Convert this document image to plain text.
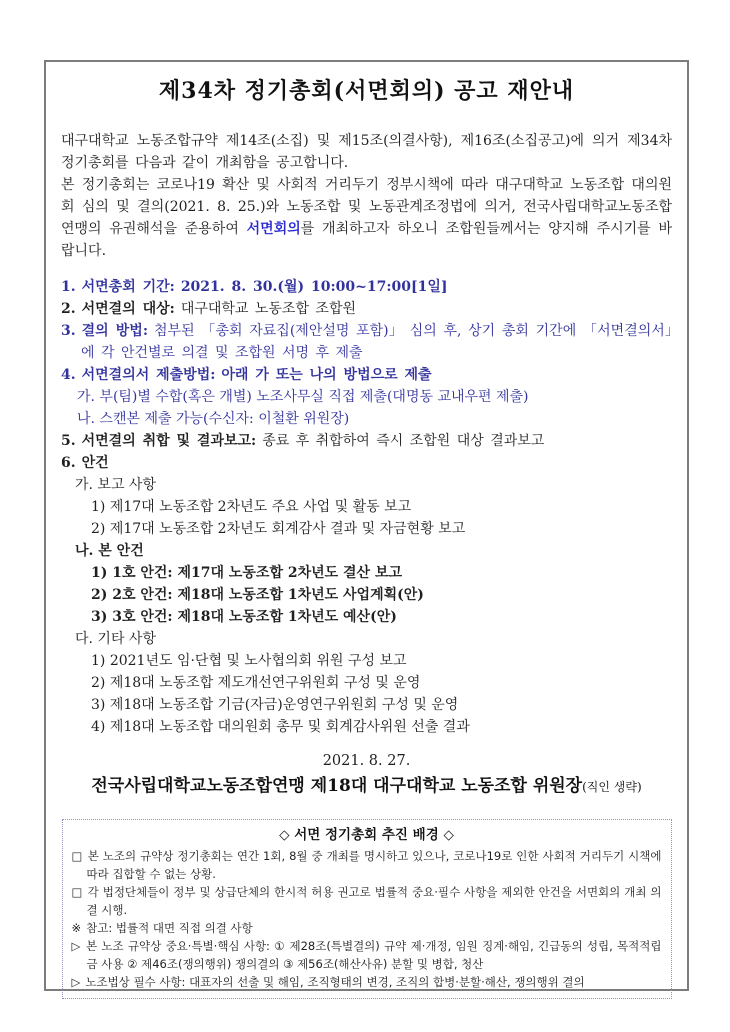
제34차 정기총회(서면회의) 공고 재안내
대구대학교 노동조합규약 제14조(소집) 및 제15조(의결사항), 제16조(소집공고)에 의거 제34차 정기총회를 다음과 같이 개최함을 공고합니다.
본 정기총회는 코로나19 확산 및 사회적 거리두기 정부시책에 따라 대구대학교 노동조합 대의원회 심의 및 결의(2021. 8. 25.)와 노동조합 및 노동관계조정법에 의거, 전국사립대학교노동조합연맹의 유권해석을 준용하여 서면회의를 개최하고자 하오니 조합원들께서는 양지해 주시기를 바랍니다.
1. 서면총회 기간: 2021. 8. 30.(월) 10:00~17:00[1일]
2. 서면결의 대상: 대구대학교 노동조합 조합원
3. 결의 방법: 첨부된 「총회 자료집(제안설명 포함)」 심의 후, 상기 총회 기간에 「서면결의서」에 각 안건별로 의결 및 조합원 서명 후 제출
4. 서면결의서 제출방법: 아래 가 또는 나의 방법으로 제출
가. 부(팀)별 수합(혹은 개별) 노조사무실 직접 제출(대명동 교내우편 제출)
나. 스캔본 제출 가능(수신자: 이철환 위원장)
5. 서면결의 취합 및 결과보고: 종료 후 취합하여 즉시 조합원 대상 결과보고
6. 안건
가. 보고 사항
1) 제17대 노동조합 2차년도 주요 사업 및 활동 보고
2) 제17대 노동조합 2차년도 회계감사 결과 및 자금현황 보고
나. 본 안건
1) 1호 안건: 제17대 노동조합 2차년도 결산 보고
2) 2호 안건: 제18대 노동조합 1차년도 사업계획(안)
3) 3호 안건: 제18대 노동조합 1차년도 예산(안)
다. 기타 사항
1) 2021년도 임·단협 및 노사협의회 위원 구성 보고
2) 제18대 노동조합 제도개선연구위원회 구성 및 운영
3) 제18대 노동조합 기금(자금)운영연구위원회 구성 및 운영
4) 제18대 노동조합 대의원회 총무 및 회계감사위원 선출 결과
2021. 8. 27.
전국사립대학교노동조합연맹 제18대 대구대학교 노동조합 위원장(직인 생략)
◇ 서면 정기총회 추진 배경 ◇
□ 본 노조의 규약상 정기총회는 연간 1회, 8월 중 개최를 명시하고 있으나, 코로나19로 인한 사회적 거리두기 시책에 따라 집합할 수 없는 상황.
□ 각 법정단체들이 정부 및 상급단체의 한시적 허용 권고로 법률적 중요·필수 사항을 제외한 안건을 서면회의 개최 의결 시행.
※ 참고: 법률적 대면 직접 의결 사항
▷ 본 노조 규약상 중요·특별·핵심 사항: ① 제28조(특별결의) 규약 제·개정, 임원 징계·해임, 긴급동의 성립, 목적적립금 사용 ② 제46조(쟁의행위) 쟁의결의 ③ 제56조(해산사유) 분할 및 병합, 청산
▷ 노조법상 필수 사항: 대표자의 선출 및 해임, 조직형태의 변경, 조직의 합병·분할·해산, 쟁의행위 결의
